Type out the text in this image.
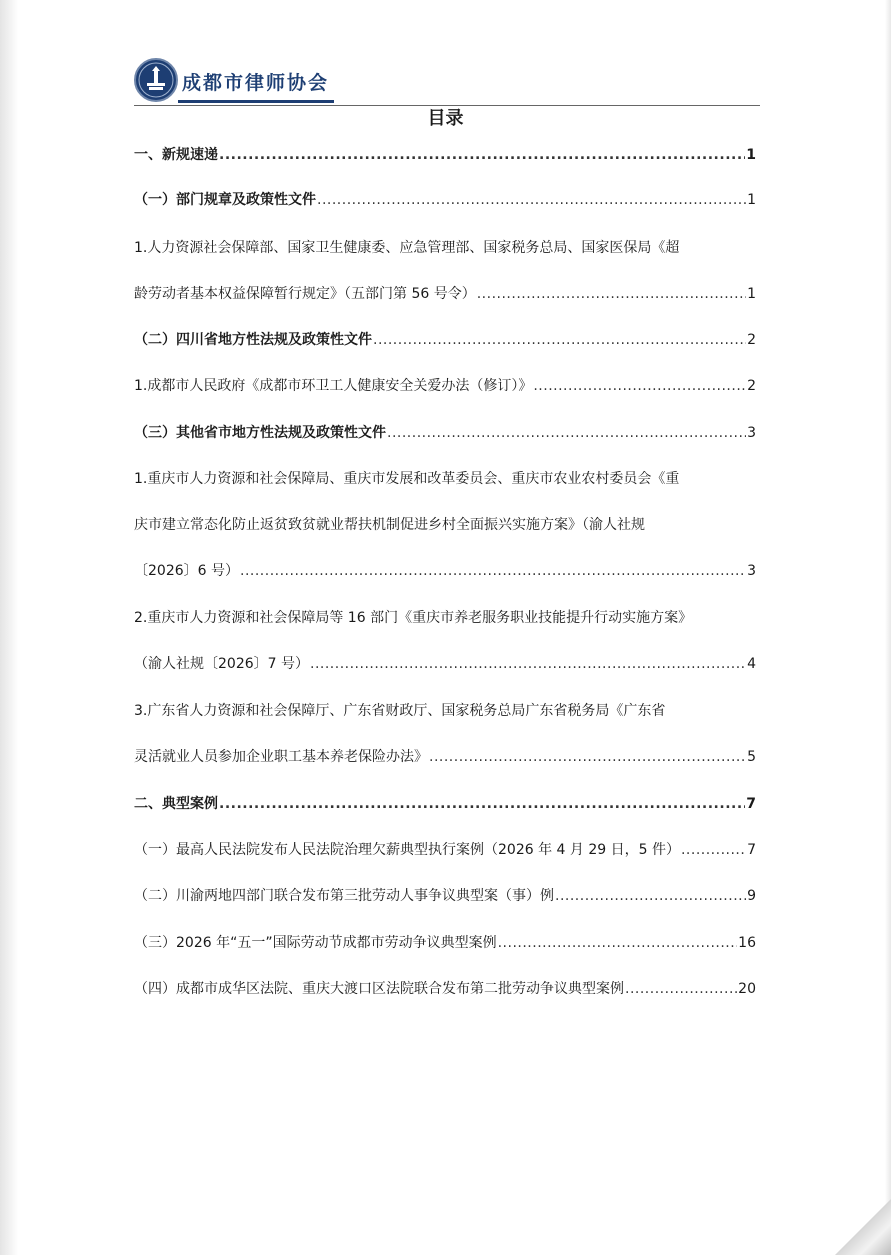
成都市律师协会
目录
一、新规速递 .....	1
（一）部门规章及政策性文件 .....	1
1.人力资源社会保障部、国家卫生健康委、应急管理部、国家税务总局、国家医保局《超
龄劳动者基本权益保障暂行规定》（五部门第 56 号令） .....	1
（二）四川省地方性法规及政策性文件 .....	2
1.成都市人民政府《成都市环卫工人健康安全关爱办法（修订）》 .....	2
（三）其他省市地方性法规及政策性文件 .....	3
1.重庆市人力资源和社会保障局、重庆市发展和改革委员会、重庆市农业农村委员会《重
庆市建立常态化防止返贫致贫就业帮扶机制促进乡村全面振兴实施方案》（渝人社规
〔2026〕6 号） .....	3
2.重庆市人力资源和社会保障局等 16 部门《重庆市养老服务职业技能提升行动实施方案》
（渝人社规〔2026〕7 号） .....	4
3.广东省人力资源和社会保障厅、广东省财政厅、国家税务总局广东省税务局《广东省
灵活就业人员参加企业职工基本养老保险办法》 .....	5
二、典型案例 .....	7
（一）最高人民法院发布人民法院治理欠薪典型执行案例（2026 年 4 月 29 日，5 件） .....	7
（二）川渝两地四部门联合发布第三批劳动人事争议典型案（事）例 .....	9
（三）2026 年“五一”国际劳动节成都市劳动争议典型案例 .....	16
（四）成都市成华区法院、重庆大渡口区法院联合发布第二批劳动争议典型案例 .....	20
